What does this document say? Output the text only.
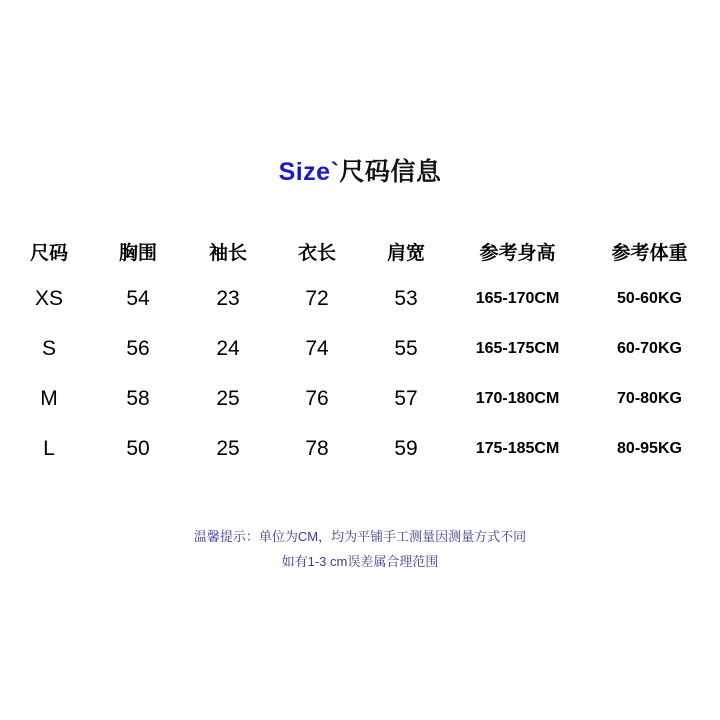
Size`尺码信息
尺码	胸围	袖长	衣长	肩宽	参考身高	参考体重
XS	54	23	72	53	165-170CM	50-60KG
S	56	24	74	55	165-175CM	60-70KG
M	58	25	76	57	170-180CM	70-80KG
L	50	25	78	59	175-185CM	80-95KG
温馨提示：单位为CM，均为平铺手工测量因测量方式不同
如有1-3 cm误差属合理范围
